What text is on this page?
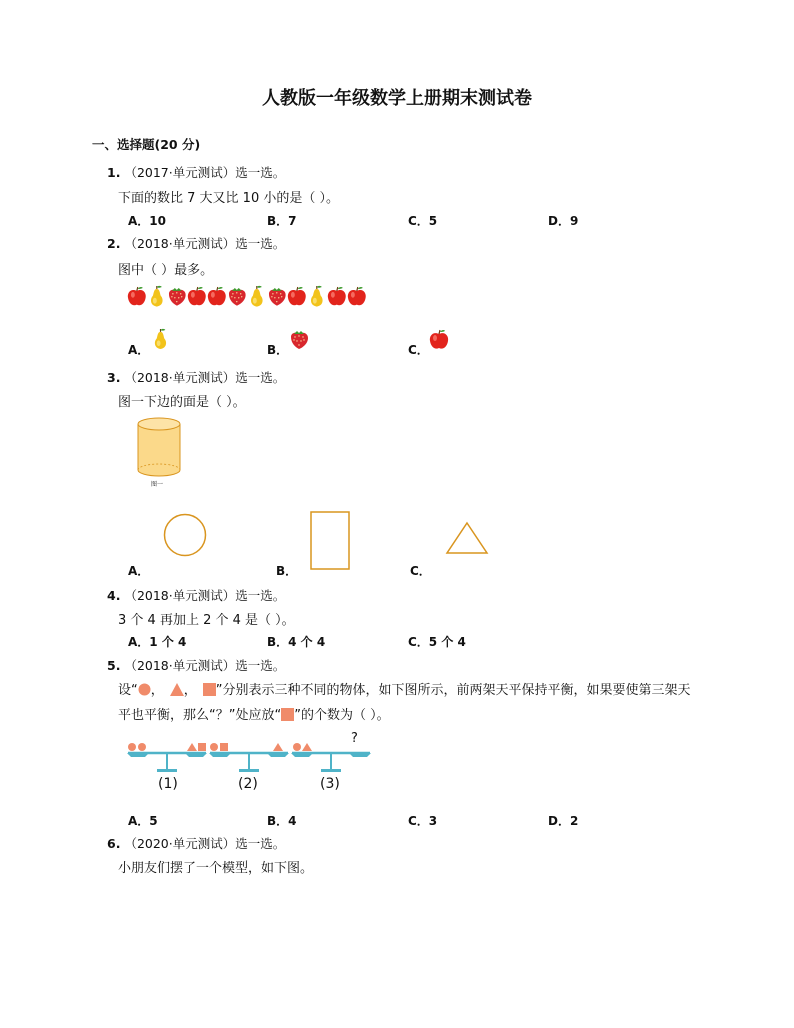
人教版一年级数学上册期末测试卷
一、选择题(20 分)
1. （2017·单元测试）选一选。
下面的数比 7 大又比 10 小的是（ ）。
A．10	B．7	C．5	D．9
2. （2018·单元测试）选一选。
图中（ ）最多。
A．	B．	C．
3. （2018·单元测试）选一选。
图一下边的面是（ ）。
图一
A．	B．	C．
4. （2018·单元测试）选一选。
3 个 4 再加上 2 个 4 是（ ）。
A．1 个 4	B．4 个 4	C．5 个 4
5. （2018·单元测试）选一选。
设“ ， ， ”分别表示三种不同的物体，如下图所示，前两架天平保持平衡，如果要使第三架天
平也平衡，那么“？”处应放“ ”的个数为（ ）。
?
(1)	(2)	(3)
A．5	B．4	C．3	D．2
6. （2020·单元测试）选一选。
小朋友们摆了一个模型，如下图。
